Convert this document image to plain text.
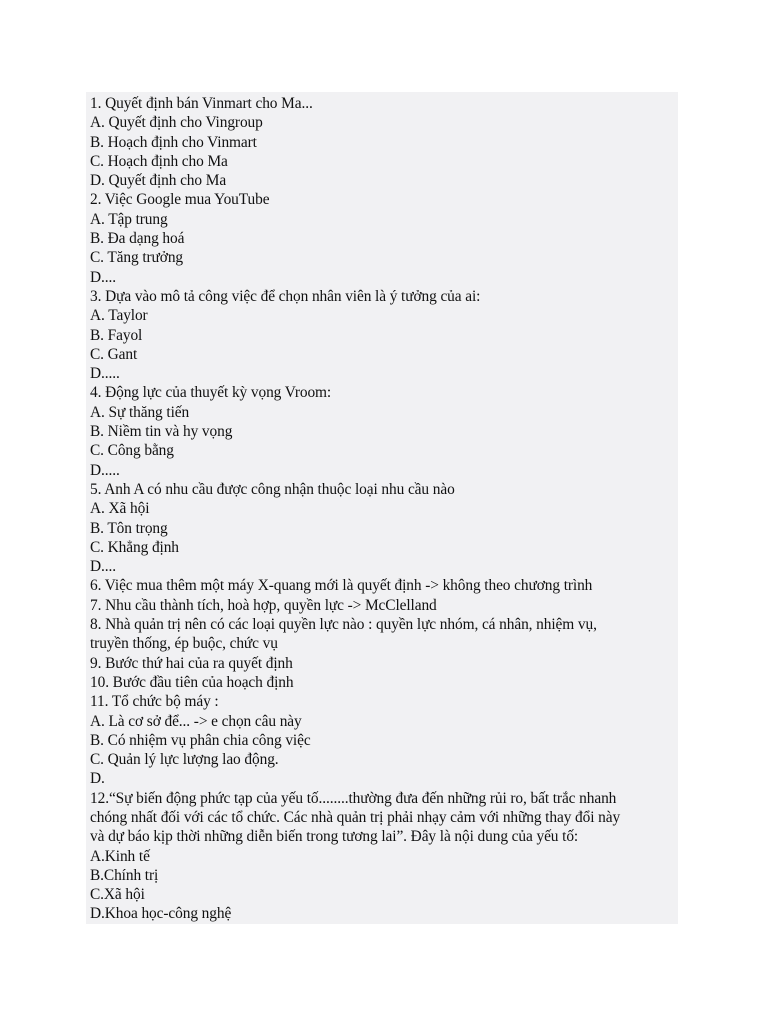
1. Quyết định bán Vinmart cho Ma...
A. Quyết định cho Vingroup
B. Hoạch định cho Vinmart
C. Hoạch định cho Ma
D. Quyết định cho Ma
2. Việc Google mua YouTube
A. Tập trung
B. Đa dạng hoá
C. Tăng trưởng
D....
3. Dựa vào mô tả công việc để chọn nhân viên là ý tưởng của ai:
A. Taylor
B. Fayol
C. Gant
D.....
4. Động lực của thuyết kỳ vọng Vroom:
A. Sự thăng tiến
B. Niềm tin và hy vọng
C. Công bằng
D.....
5. Anh A có nhu cầu được công nhận thuộc loại nhu cầu nào
A. Xã hội
B. Tôn trọng
C. Khẳng định
D....
6. Việc mua thêm một máy X-quang mới là quyết định -> không theo chương trình
7. Nhu cầu thành tích, hoà hợp, quyền lực -> McClelland
8. Nhà quản trị nên có các loại quyền lực nào : quyền lực nhóm, cá nhân, nhiệm vụ,
truyền thống, ép buộc, chức vụ
9. Bước thứ hai của ra quyết định
10. Bước đầu tiên của hoạch định
11. Tổ chức bộ máy :
A. Là cơ sở để... -> e chọn câu này
B. Có nhiệm vụ phân chia công việc
C. Quản lý lực lượng lao động.
D.
12.“Sự biến động phức tạp của yếu tố........thường đưa đến những rủi ro, bất trắc nhanh
chóng nhất đối với các tổ chức. Các nhà quản trị phải nhạy cảm với những thay đổi này
và dự báo kịp thời những diễn biến trong tương lai”. Đây là nội dung của yếu tố:
A.Kinh tế
B.Chính trị
C.Xã hội
D.Khoa học-công nghệ
